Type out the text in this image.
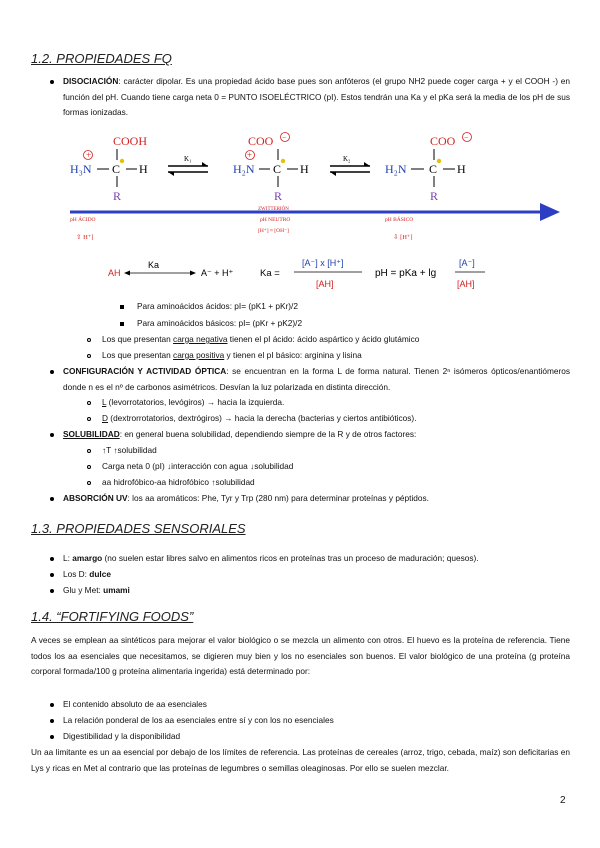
1.2. PROPIEDADES FQ

DISOCIACIÓN: carácter dipolar. Es una propiedad ácido base pues son anfóteros (el grupo NH2 puede coger carga + y el COOH -) en función del pH. Cuando tiene carga neta 0 = PUNTO ISOELÉCTRICO (pI). Estos tendrán una Ka y el pKa será la media de los pH de sus formas ionizadas.

COOH
+
H₃N C H
R
K₁
COO −
+
H₂N C H
R
K₂
COO −
H₂N C H
R
ZWITTERIÓN
pH ÁCIDO
⇧ H⁺]
pH NEUTRO
[H⁺] ≈ [OH⁻]
pH BÁSICO
⇩ [H⁺]
AH
Ka
A⁻ + H⁺	Ka =
[A⁻] x [H⁺]
[AH]
pH = pKa + lg
[A⁻]
[AH]
Para aminoácidos ácidos: pI= (pK1 + pKr)/2
Para aminoácidos básicos: pI= (pKr + pK2)/2
Los que presentan carga negativa tienen el pI ácido: ácido aspártico y ácido glutámico
Los que presentan carga positiva y tienen el pI básico: arginina y lisina

CONFIGURACIÓN Y ACTIVIDAD ÓPTICA: se encuentran en la forma L de forma natural. Tienen 2ⁿ isómeros ópticos/enantiómeros donde n es el nº de carbonos asimétricos. Desvían la luz polarizada en distinta dirección.

L (levorrotatorios, levógiros) → hacia la izquierda.
D (dextrorrotatorios, dextrógiros) → hacia la derecha (bacterias y ciertos antibióticos).
SOLUBILIDAD: en general buena solubilidad, dependiendo siempre de la R y de otros factores:
↑T ↑solubilidad
Carga neta 0 (pI) ↓interacción con agua ↓solubilidad
aa hidrofóbico-aa hidrofóbico ↑solubilidad
ABSORCIÓN UV: los aa aromáticos: Phe, Tyr y Trp (280 nm) para determinar proteínas y péptidos.
1.3. PROPIEDADES SENSORIALES
L: amargo (no suelen estar libres salvo en alimentos ricos en proteínas tras un proceso de maduración; quesos).
Los D: dulce
Glu y Met: umami
1.4. “FORTIFYING FOODS”

A veces se emplean aa sintéticos para mejorar el valor biológico o se mezcla un alimento con otros. El huevo es la proteína de referencia. Tiene todos los aa esenciales que necesitamos, se digieren muy bien y los no esenciales son buenos. El valor biológico de una proteína (g proteína corporal formada/100 g proteína alimentaria ingerida) está determinado por:

El contenido absoluto de aa esenciales
La relación ponderal de los aa esenciales entre sí y con los no esenciales
Digestibilidad y la disponibilidad

Un aa limitante es un aa esencial por debajo de los límites de referencia. Las proteínas de cereales (arroz, trigo, cebada, maíz) son deficitarias en Lys y ricas en Met al contrario que las proteínas de legumbres o semillas oleaginosas. Por ello se suelen mezclar.

2
